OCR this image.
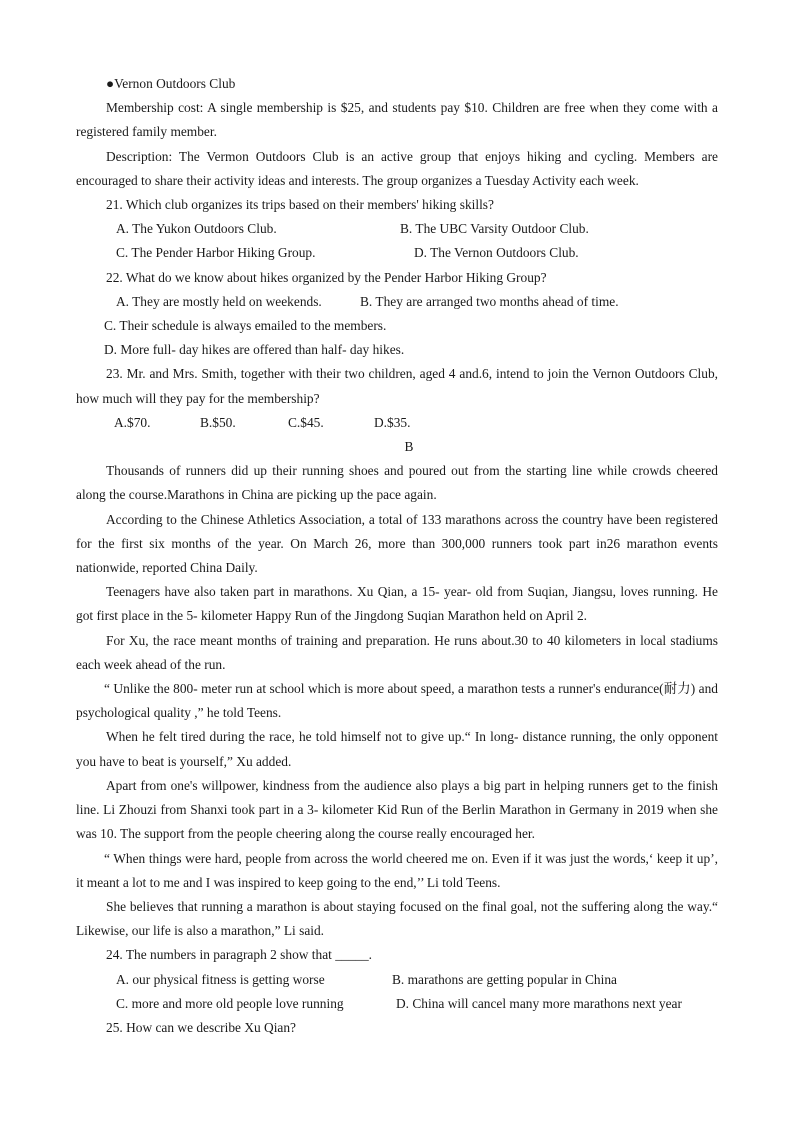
●Vernon Outdoors Club

Membership cost: A single membership is $25, and students pay $10. Children are free when they come with a registered family member.

Description: The Vermon Outdoors Club is an active group that enjoys hiking and cycling. Members are encouraged to share their activity ideas and interests. The group organizes a Tuesday Activity each week.

21. Which club organizes its trips based on their members' hiking skills?

A. The Yukon Outdoors Club.	B. The UBC Varsity Outdoor Club.
C. The Pender Harbor Hiking Group.	D. The Vernon Outdoors Club.

22. What do we know about hikes organized by the Pender Harbor Hiking Group?

A. They are mostly held on weekends.	B. They are arranged two months ahead of time.

C. Their schedule is always emailed to the members.

D. More full- day hikes are offered than half- day hikes.

23. Mr. and Mrs. Smith, together with their two children, aged 4 and.6, intend to join the Vernon Outdoors Club, how much will they pay for the membership?

A.$70.	B.$50.	C.$45.	D.$35.

B

Thousands of runners did up their running shoes and poured out from the starting line while crowds cheered along the course.Marathons in China are picking up the pace again.

According to the Chinese Athletics Association, a total of 133 marathons across the country have been registered for the first six months of the year. On March 26, more than 300,000 runners took part in26 marathon events nationwide, reported China Daily.

Teenagers have also taken part in marathons. Xu Qian, a 15- year- old from Suqian, Jiangsu, loves running. He got first place in the 5- kilometer Happy Run of the Jingdong Suqian Marathon held on April 2.

For Xu, the race meant months of training and preparation. He runs about.30 to 40 kilometers in local stadiums each week ahead of the run.

“ Unlike the 800- meter run at school which is more about speed, a marathon tests a runner's endurance(耐力) and psychological quality ,” he told Teens.

When he felt tired during the race, he told himself not to give up.“ In long- distance running, the only opponent you have to beat is yourself,” Xu added.

Apart from one's willpower, kindness from the audience also plays a big part in helping runners get to the finish line. Li Zhouzi from Shanxi took part in a 3- kilometer Kid Run of the Berlin Marathon in Germany in 2019 when she was 10. The support from the people cheering along the course really encouraged her.

“ When things were hard, people from across the world cheered me on. Even if it was just the words,‘ keep it up’, it meant a lot to me and I was inspired to keep going to the end,’’ Li told Teens.

She believes that running a marathon is about staying focused on the final goal, not the suffering along the way.“ Likewise, our life is also a marathon,” Li said.

24. The numbers in paragraph 2 show that _____.

A. our physical fitness is getting worse	B. marathons are getting popular in China
C. more and more old people love running	D. China will cancel many more marathons next year

25. How can we describe Xu Qian?
